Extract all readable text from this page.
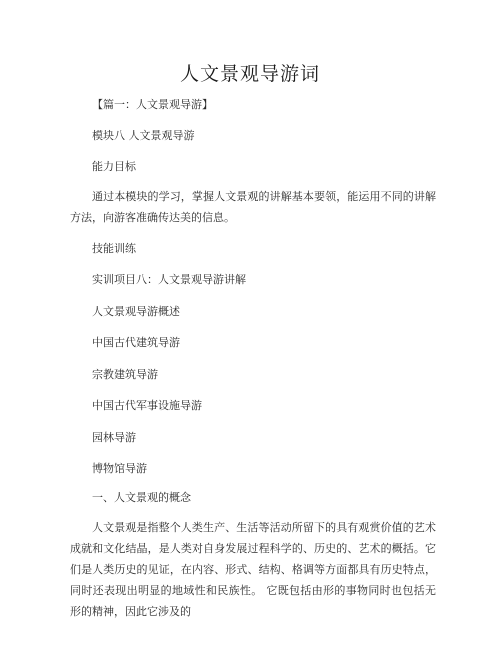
人文景观导游词
【篇一：人文景观导游】
模块八 人文景观导游
能力目标
通过本模块的学习，掌握人文景观的讲解基本要领，能运用不同的讲解方法，向游客准确传达美的信息。
技能训练
实训项目八：人文景观导游讲解
人文景观导游概述
中国古代建筑导游
宗教建筑导游
中国古代军事设施导游
园林导游
博物馆导游
一、人文景观的概念
人文景观是指整个人类生产、生活等活动所留下的具有观赏价值的艺术成就和文化结晶，是人类对自身发展过程科学的、历史的、艺术的概括。它们是人类历史的见证，在内容、形式、结构、格调等方面都具有历史特点，同时还表现出明显的地域性和民族性。 它既包括由形的事物同时也包括无形的精神，因此它涉及的
